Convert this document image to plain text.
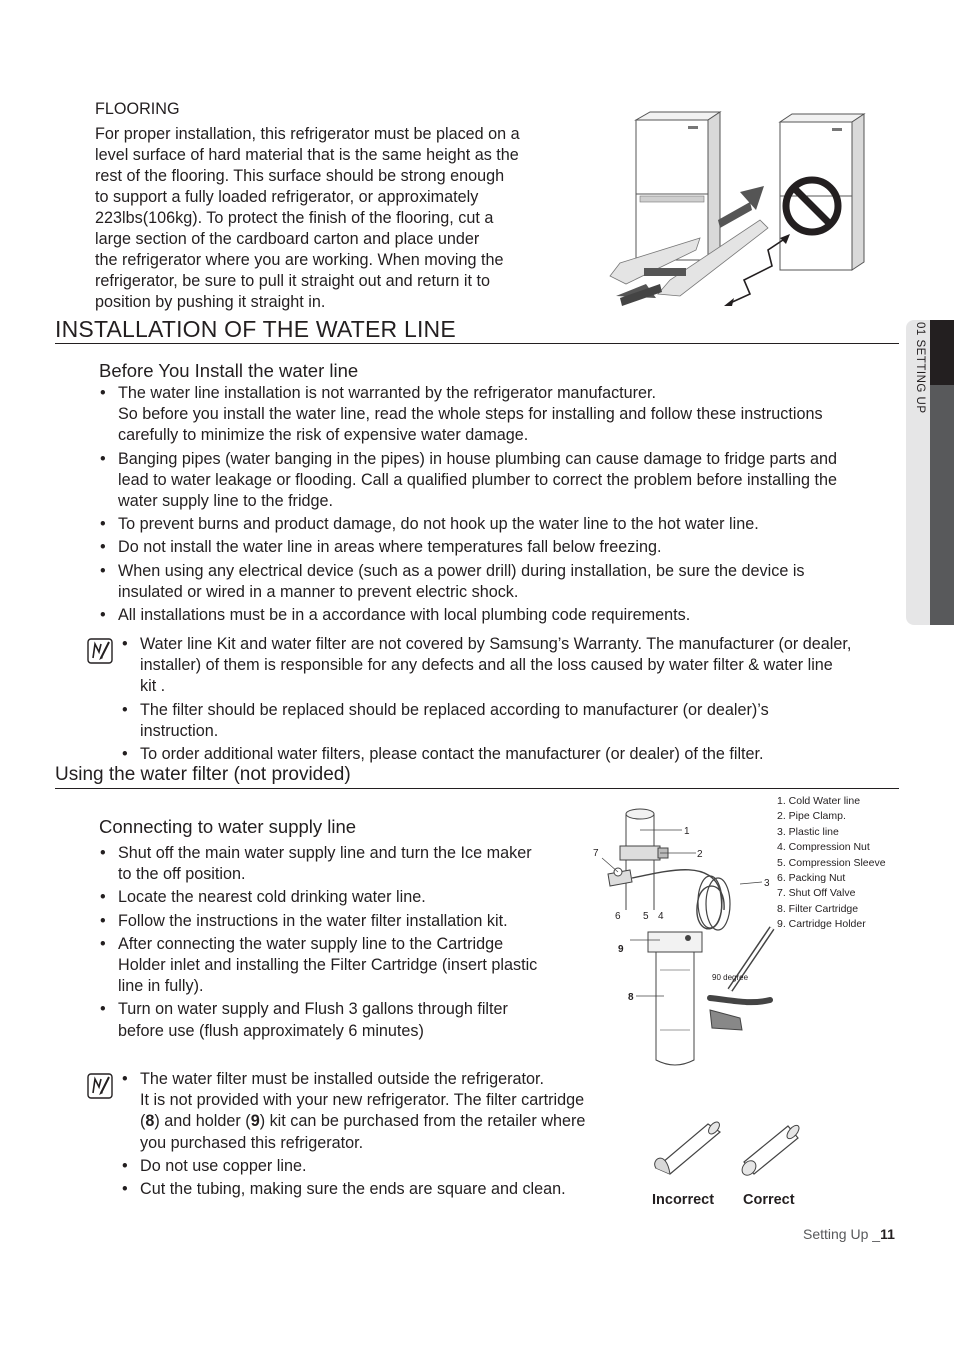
FLOORING
For proper installation, this refrigerator must be placed on a
level surface of hard material that is the same height as the
rest of the flooring. This surface should be strong enough
to support a fully loaded refrigerator, or approximately
223lbs(106kg). To protect the finish of the flooring, cut a
large section of the cardboard carton and place under
the refrigerator where you are working. When moving the
refrigerator, be sure to pull it straight out and return it to
position by pushing it straight in.
INSTALLATION OF THE WATER LINE
Before You Install the water line
• The water line installation is not warranted by the refrigerator manufacturer.
So before you install the water line, read the whole steps for installing and follow these instructions
carefully to minimize the risk of expensive water damage.
• Banging pipes (water banging in the pipes) in house plumbing can cause damage to fridge parts and
lead to water leakage or flooding. Call a qualified plumber to correct the problem before installing the
water supply line to the fridge.
• To prevent burns and product damage, do not hook up the water line to the hot water line.
• Do not install the water line in areas where temperatures fall below freezing.
• When using any electrical device (such as a power drill) during installation, be sure the device is
insulated or wired in a manner to prevent electric shock.
• All installations must be in a accordance with local plumbing code requirements.
• Water line Kit and water filter are not covered by Samsung’s Warranty. The manufacturer (or dealer,
installer) of them is responsible for any defects and all the loss caused by water filter & water line
kit .
• The filter should be replaced should be replaced according to manufacturer (or dealer)’s
instruction.
• To order additional water filters, please contact the manufacturer (or dealer) of the filter.
Using the water filter (not provided)
Connecting to water supply line
• Shut off the main water supply line and turn the Ice maker
to the off position.
• Locate the nearest cold drinking water line.
• Follow the instructions in the water filter installation kit.
• After connecting the water supply line to the Cartridge
Holder inlet and installing the Filter Cartridge (insert plastic
line in fully).
• Turn on water supply and Flush 3 gallons through filter
before use (flush approximately 6 minutes)
• The water filter must be installed outside the refrigerator.
It is not provided with your new refrigerator. The filter cartridge
(8) and holder (9) kit can be purchased from the retailer where
you purchased this refrigerator.
• Do not use copper line.
• Cut the tubing, making sure the ends are square and clean.
1
2
3
4
5
6
7
8
9
90 degree
1. Cold Water line
2. Pipe Clamp.
3. Plastic line
4. Compression Nut
5. Compression Sleeve
6. Packing Nut
7. Shut Off Valve
8. Filter Cartridge
9. Cartridge Holder
Incorrect Correct
01 SETTING UP
Setting Up _11
